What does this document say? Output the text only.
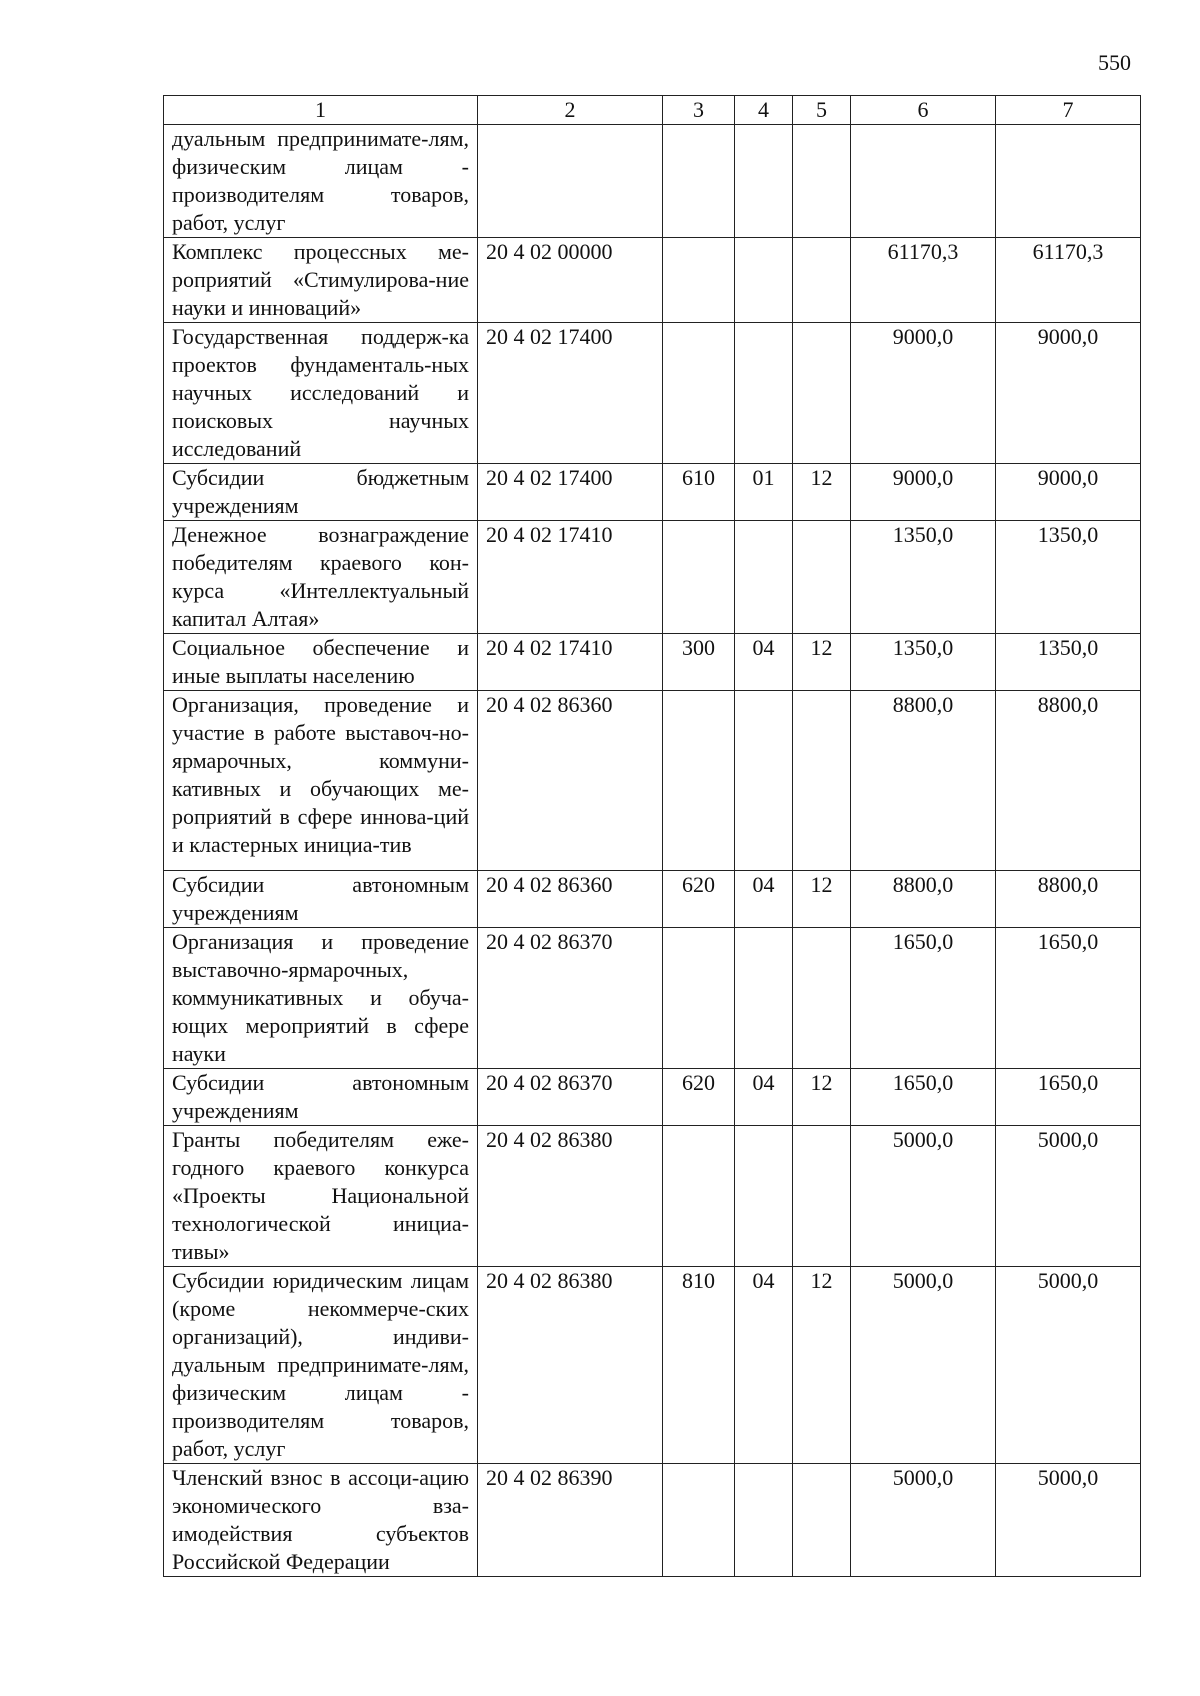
550
1	2	3	4	5	6	7
дуальным предпринимате-лям, физическим лицам - производителям товаров, работ, услуг						
Комплекс процессных ме-роприятий «Стимулирова-ние науки и инноваций»	20 4 02 00000				61170,3	61170,3
Государственная поддерж-ка проектов фундаменталь-ных научных исследований и поисковых научных исследований	20 4 02 17400				9000,0	9000,0
Субсидии бюджетным учреждениям	20 4 02 17400	610	01	12	9000,0	9000,0
Денежное вознаграждение победителям краевого кон-курса «Интеллектуальный капитал Алтая»	20 4 02 17410				1350,0	1350,0
Социальное обеспечение и иные выплаты населению	20 4 02 17410	300	04	12	1350,0	1350,0
Организация, проведение и участие в работе выставоч-но-ярмарочных, коммуни-кативных и обучающих ме-роприятий в сфере иннова-ций и кластерных инициа-тив	20 4 02 86360				8800,0	8800,0
Субсидии автономным учреждениям	20 4 02 86360	620	04	12	8800,0	8800,0
Организация и проведение выставочно-ярмарочных, коммуникативных и обуча-ющих мероприятий в сфере науки	20 4 02 86370				1650,0	1650,0
Субсидии автономным учреждениям	20 4 02 86370	620	04	12	1650,0	1650,0
Гранты победителям еже-годного краевого конкурса «Проекты Национальной технологической инициа-тивы»	20 4 02 86380				5000,0	5000,0
Субсидии юридическим лицам (кроме некоммерче-ских организаций), индиви-дуальным предпринимате-лям, физическим лицам - производителям товаров, работ, услуг	20 4 02 86380	810	04	12	5000,0	5000,0
Членский взнос в ассоци-ацию экономического вза-имодействия субъектов Российской Федерации	20 4 02 86390				5000,0	5000,0
